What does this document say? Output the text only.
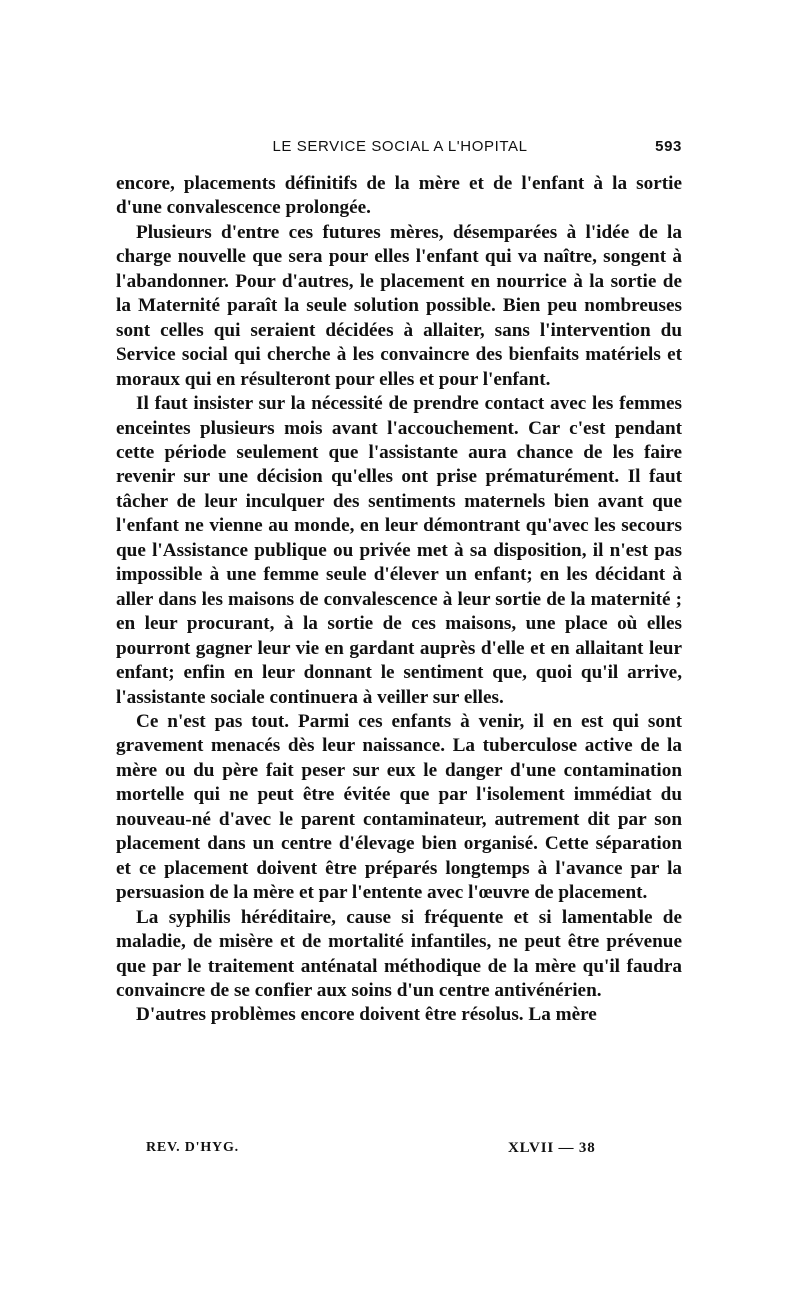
LE SERVICE SOCIAL A L'HOPITAL	593

encore, placements définitifs de la mère et de l'enfant à la sortie d'une convalescence prolongée.

Plusieurs d'entre ces futures mères, désemparées à l'idée de la charge nouvelle que sera pour elles l'enfant qui va naître, songent à l'abandonner. Pour d'autres, le placement en nourrice à la sortie de la Maternité paraît la seule solution possible. Bien peu nombreuses sont celles qui seraient décidées à allaiter, sans l'intervention du Service social qui cherche à les convaincre des bienfaits matériels et moraux qui en résulteront pour elles et pour l'enfant.

Il faut insister sur la nécessité de prendre contact avec les femmes enceintes plusieurs mois avant l'accouchement. Car c'est pendant cette période seulement que l'assistante aura chance de les faire revenir sur une décision qu'elles ont prise prématurément. Il faut tâcher de leur inculquer des sentiments maternels bien avant que l'enfant ne vienne au monde, en leur démontrant qu'avec les secours que l'Assistance publique ou privée met à sa disposition, il n'est pas impossible à une femme seule d'élever un enfant; en les décidant à aller dans les maisons de convalescence à leur sortie de la maternité ; en leur procurant, à la sortie de ces maisons, une place où elles pourront gagner leur vie en gardant auprès d'elle et en allaitant leur enfant; enfin en leur donnant le sentiment que, quoi qu'il arrive, l'assistante sociale continuera à veiller sur elles.

Ce n'est pas tout. Parmi ces enfants à venir, il en est qui sont gravement menacés dès leur naissance. La tuberculose active de la mère ou du père fait peser sur eux le danger d'une contamination mortelle qui ne peut être évitée que par l'isolement immédiat du nouveau-né d'avec le parent contaminateur, autrement dit par son placement dans un centre d'élevage bien organisé. Cette séparation et ce placement doivent être préparés longtemps à l'avance par la persuasion de la mère et par l'entente avec l'œuvre de placement.

La syphilis héréditaire, cause si fréquente et si lamentable de maladie, de misère et de mortalité infantiles, ne peut être prévenue que par le traitement anténatal méthodique de la mère qu'il faudra convaincre de se confier aux soins d'un centre antivénérien.

D'autres problèmes encore doivent être résolus. La mère

REV. D'HYG.	XLVII — 38
